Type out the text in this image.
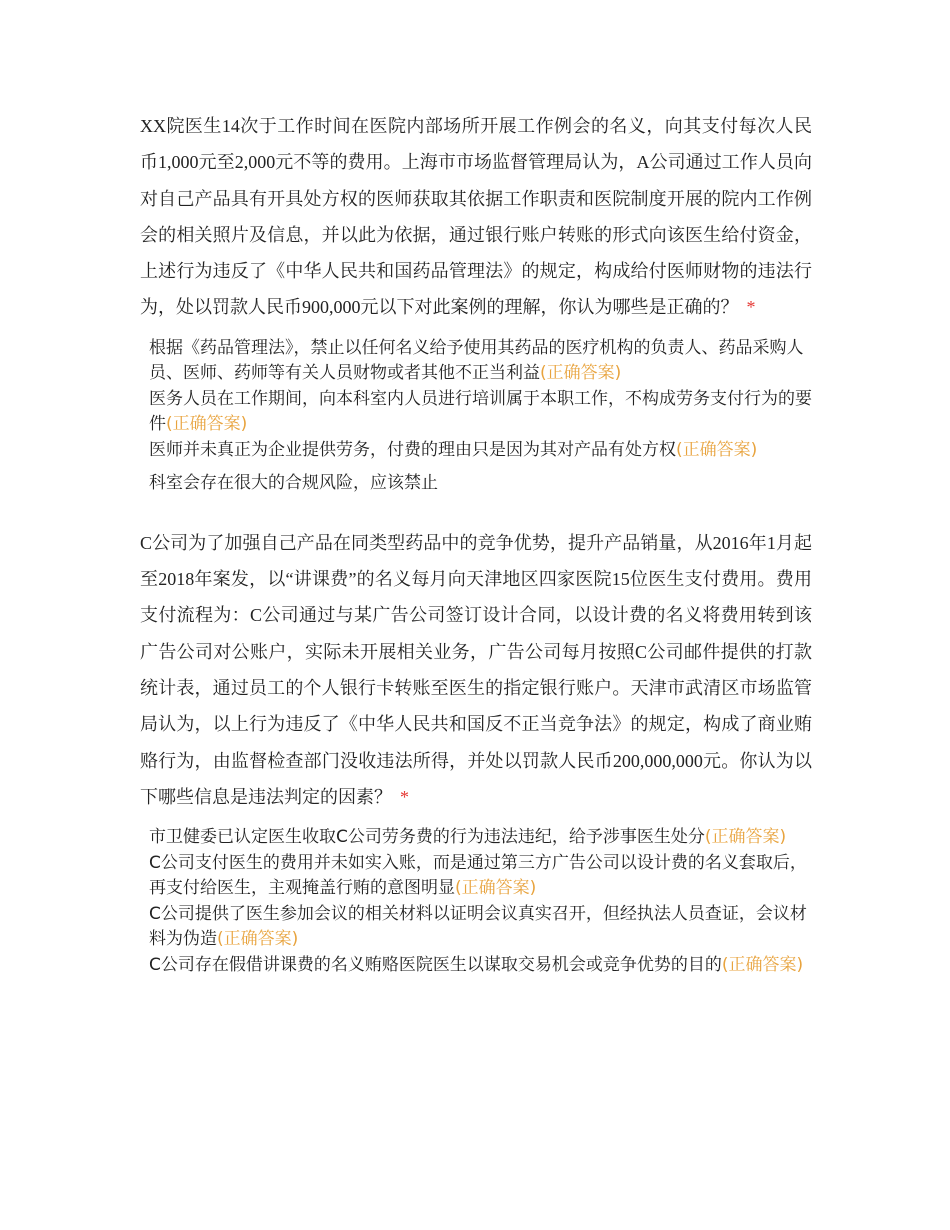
XX院医生14次于工作时间在医院内部场所开展工作例会的名义，向其支付每次人民币1,000元至2,000元不等的费用。上海市市场监督管理局认为，A公司通过工作人员向对自己产品具有开具处方权的医师获取其依据工作职责和医院制度开展的院内工作例会的相关照片及信息，并以此为依据，通过银行账户转账的形式向该医生给付资金，上述行为违反了《中华人民共和国药品管理法》的规定，构成给付医师财物的违法行为，处以罚款人民币900,000元以下对此案例的理解，你认为哪些是正确的？ *

根据《药品管理法》，禁止以任何名义给予使用其药品的医疗机构的负责人、药品采购人员、医师、药师等有关人员财物或者其他不正当利益(正确答案)
医务人员在工作期间，向本科室内人员进行培训属于本职工作，不构成劳务支付行为的要件(正确答案)
医师并未真正为企业提供劳务，付费的理由只是因为其对产品有处方权(正确答案)
科室会存在很大的合规风险，应该禁止

C公司为了加强自己产品在同类型药品中的竞争优势，提升产品销量，从2016年1月起至2018年案发，以“讲课费”的名义每月向天津地区四家医院15位医生支付费用。费用支付流程为：C公司通过与某广告公司签订设计合同，以设计费的名义将费用转到该广告公司对公账户，实际未开展相关业务，广告公司每月按照C公司邮件提供的打款统计表，通过员工的个人银行卡转账至医生的指定银行账户。天津市武清区市场监管局认为，以上行为违反了《中华人民共和国反不正当竞争法》的规定，构成了商业贿赂行为，由监督检查部门没收违法所得，并处以罚款人民币200,000,000元。你认为以下哪些信息是违法判定的因素？ *

市卫健委已认定医生收取C公司劳务费的行为违法违纪，给予涉事医生处分(正确答案)
C公司支付医生的费用并未如实入账，而是通过第三方广告公司以设计费的名义套取后，再支付给医生，主观掩盖行贿的意图明显(正确答案)
C公司提供了医生参加会议的相关材料以证明会议真实召开，但经执法人员查证，会议材料为伪造(正确答案)
C公司存在假借讲课费的名义贿赂医院医生以谋取交易机会或竞争优势的目的(正确答案)
